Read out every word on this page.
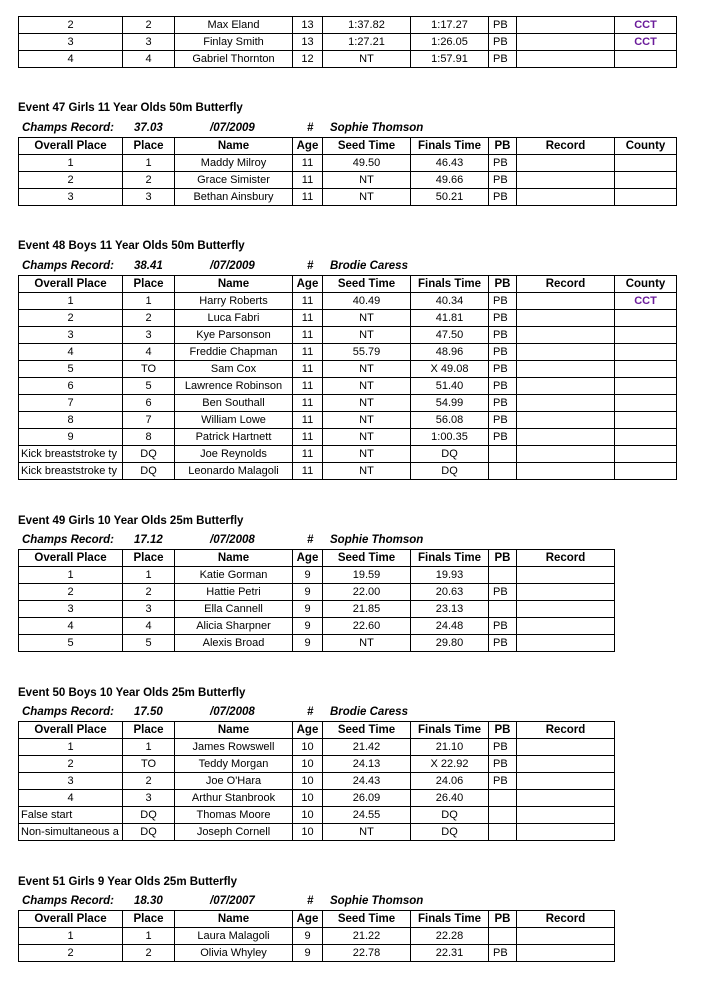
2	2	Max Eland	13	1:37.82	1:17.27	PB		CCT
3	3	Finlay Smith	13	1:27.21	1:26.05	PB		CCT
4	4	Gabriel Thornton	12	NT	1:57.91	PB		
Event 47 Girls 11 Year Olds 50m Butterfly
Champs Record: 37.03	/07/2009	# Sophie Thomson
Overall Place	Place	Name	Age	Seed Time	Finals Time	PB	Record	County
1	1	Maddy Milroy	11	49.50	46.43	PB		
2	2	Grace Simister	11	NT	49.66	PB		
3	3	Bethan Ainsbury	11	NT	50.21	PB		
Event 48 Boys 11 Year Olds 50m Butterfly
Champs Record: 38.41	/07/2009	# Brodie Caress
Overall Place	Place	Name	Age	Seed Time	Finals Time	PB	Record	County
1	1	Harry Roberts	11	40.49	40.34	PB		CCT
2	2	Luca Fabri	11	NT	41.81	PB		
3	3	Kye Parsonson	11	NT	47.50	PB		
4	4	Freddie Chapman	11	55.79	48.96	PB		
5	TO	Sam Cox	11	NT	X 49.08	PB		
6	5	Lawrence Robinson	11	NT	51.40	PB		
7	6	Ben Southall	11	NT	54.99	PB		
8	7	William Lowe	11	NT	56.08	PB		
9	8	Patrick Hartnett	11	NT	1:00.35	PB		
Kick breaststroke ty	DQ	Joe Reynolds	11	NT	DQ			
Kick breaststroke ty	DQ	Leonardo Malagoli	11	NT	DQ			
Event 49 Girls 10 Year Olds 25m Butterfly
Champs Record: 17.12	/07/2008	# Sophie Thomson
Overall Place	Place	Name	Age	Seed Time	Finals Time	PB	Record
1	1	Katie Gorman	9	19.59	19.93		
2	2	Hattie Petri	9	22.00	20.63	PB	
3	3	Ella Cannell	9	21.85	23.13		
4	4	Alicia Sharpner	9	22.60	24.48	PB	
5	5	Alexis Broad	9	NT	29.80	PB	
Event 50 Boys 10 Year Olds 25m Butterfly
Champs Record: 17.50	/07/2008	# Brodie Caress
Overall Place	Place	Name	Age	Seed Time	Finals Time	PB	Record
1	1	James Rowswell	10	21.42	21.10	PB	
2	TO	Teddy Morgan	10	24.13	X 22.92	PB	
3	2	Joe O'Hara	10	24.43	24.06	PB	
4	3	Arthur Stanbrook	10	26.09	26.40		
False start	DQ	Thomas Moore	10	24.55	DQ		
Non-simultaneous a	DQ	Joseph Cornell	10	NT	DQ		
Event 51 Girls 9 Year Olds 25m Butterfly
Champs Record: 18.30	/07/2007	# Sophie Thomson
Overall Place	Place	Name	Age	Seed Time	Finals Time	PB	Record
1	1	Laura Malagoli	9	21.22	22.28		
2	2	Olivia Whyley	9	22.78	22.31	PB	
